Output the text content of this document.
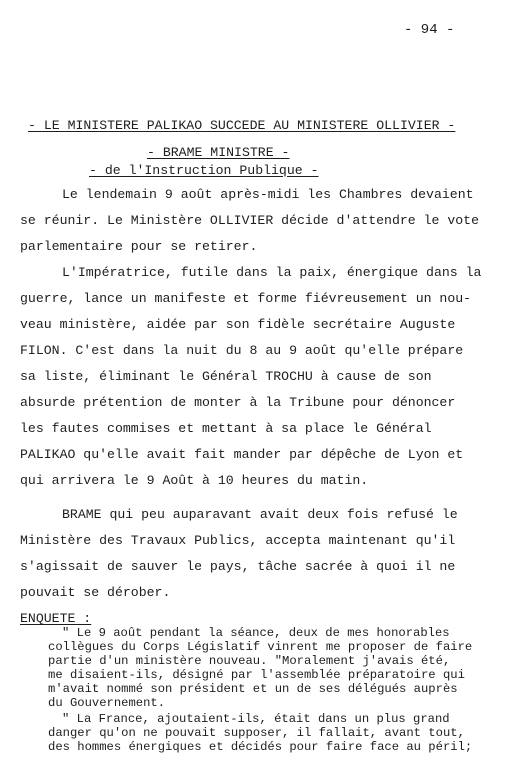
- 94 -
- LE MINISTERE PALIKAO SUCCEDE AU MINISTERE OLLIVIER -
- BRAME MINISTRE -
- de l'Instruction Publique -
Le lendemain 9 août après-midi les Chambres devaient
se réunir. Le Ministère OLLIVIER décide d'attendre le vote
parlementaire pour se retirer.
L'Impératrice, futile dans la paix, énergique dans la
guerre, lance un manifeste et forme fiévreusement un nou-
veau ministère, aidée par son fidèle secrétaire Auguste
FILON. C'est dans la nuit du 8 au 9 août qu'elle prépare
sa liste, éliminant le Général TROCHU à cause de son
absurde prétention de monter à la Tribune pour dénoncer
les fautes commises et mettant à sa place le Général
PALIKAO qu'elle avait fait mander par dépêche de Lyon et
qui arrivera le 9 Août à 10 heures du matin.
BRAME qui peu auparavant avait deux fois refusé le
Ministère des Travaux Publics, accepta maintenant qu'il
s'agissait de sauver le pays, tâche sacrée à quoi il ne
pouvait se dérober.
ENQUETE :
" Le 9 août pendant la séance, deux de mes honorables
collègues du Corps Législatif vinrent me proposer de faire
partie d'un ministère nouveau. "Moralement j'avais été,
me disaient-ils, désigné par l'assemblée préparatoire qui
m'avait nommé son président et un de ses délégués auprès
du Gouvernement.
" La France, ajoutaient-ils, était dans un plus grand
danger qu'on ne pouvait supposer, il fallait, avant tout,
des hommes énergiques et décidés pour faire face au péril;
